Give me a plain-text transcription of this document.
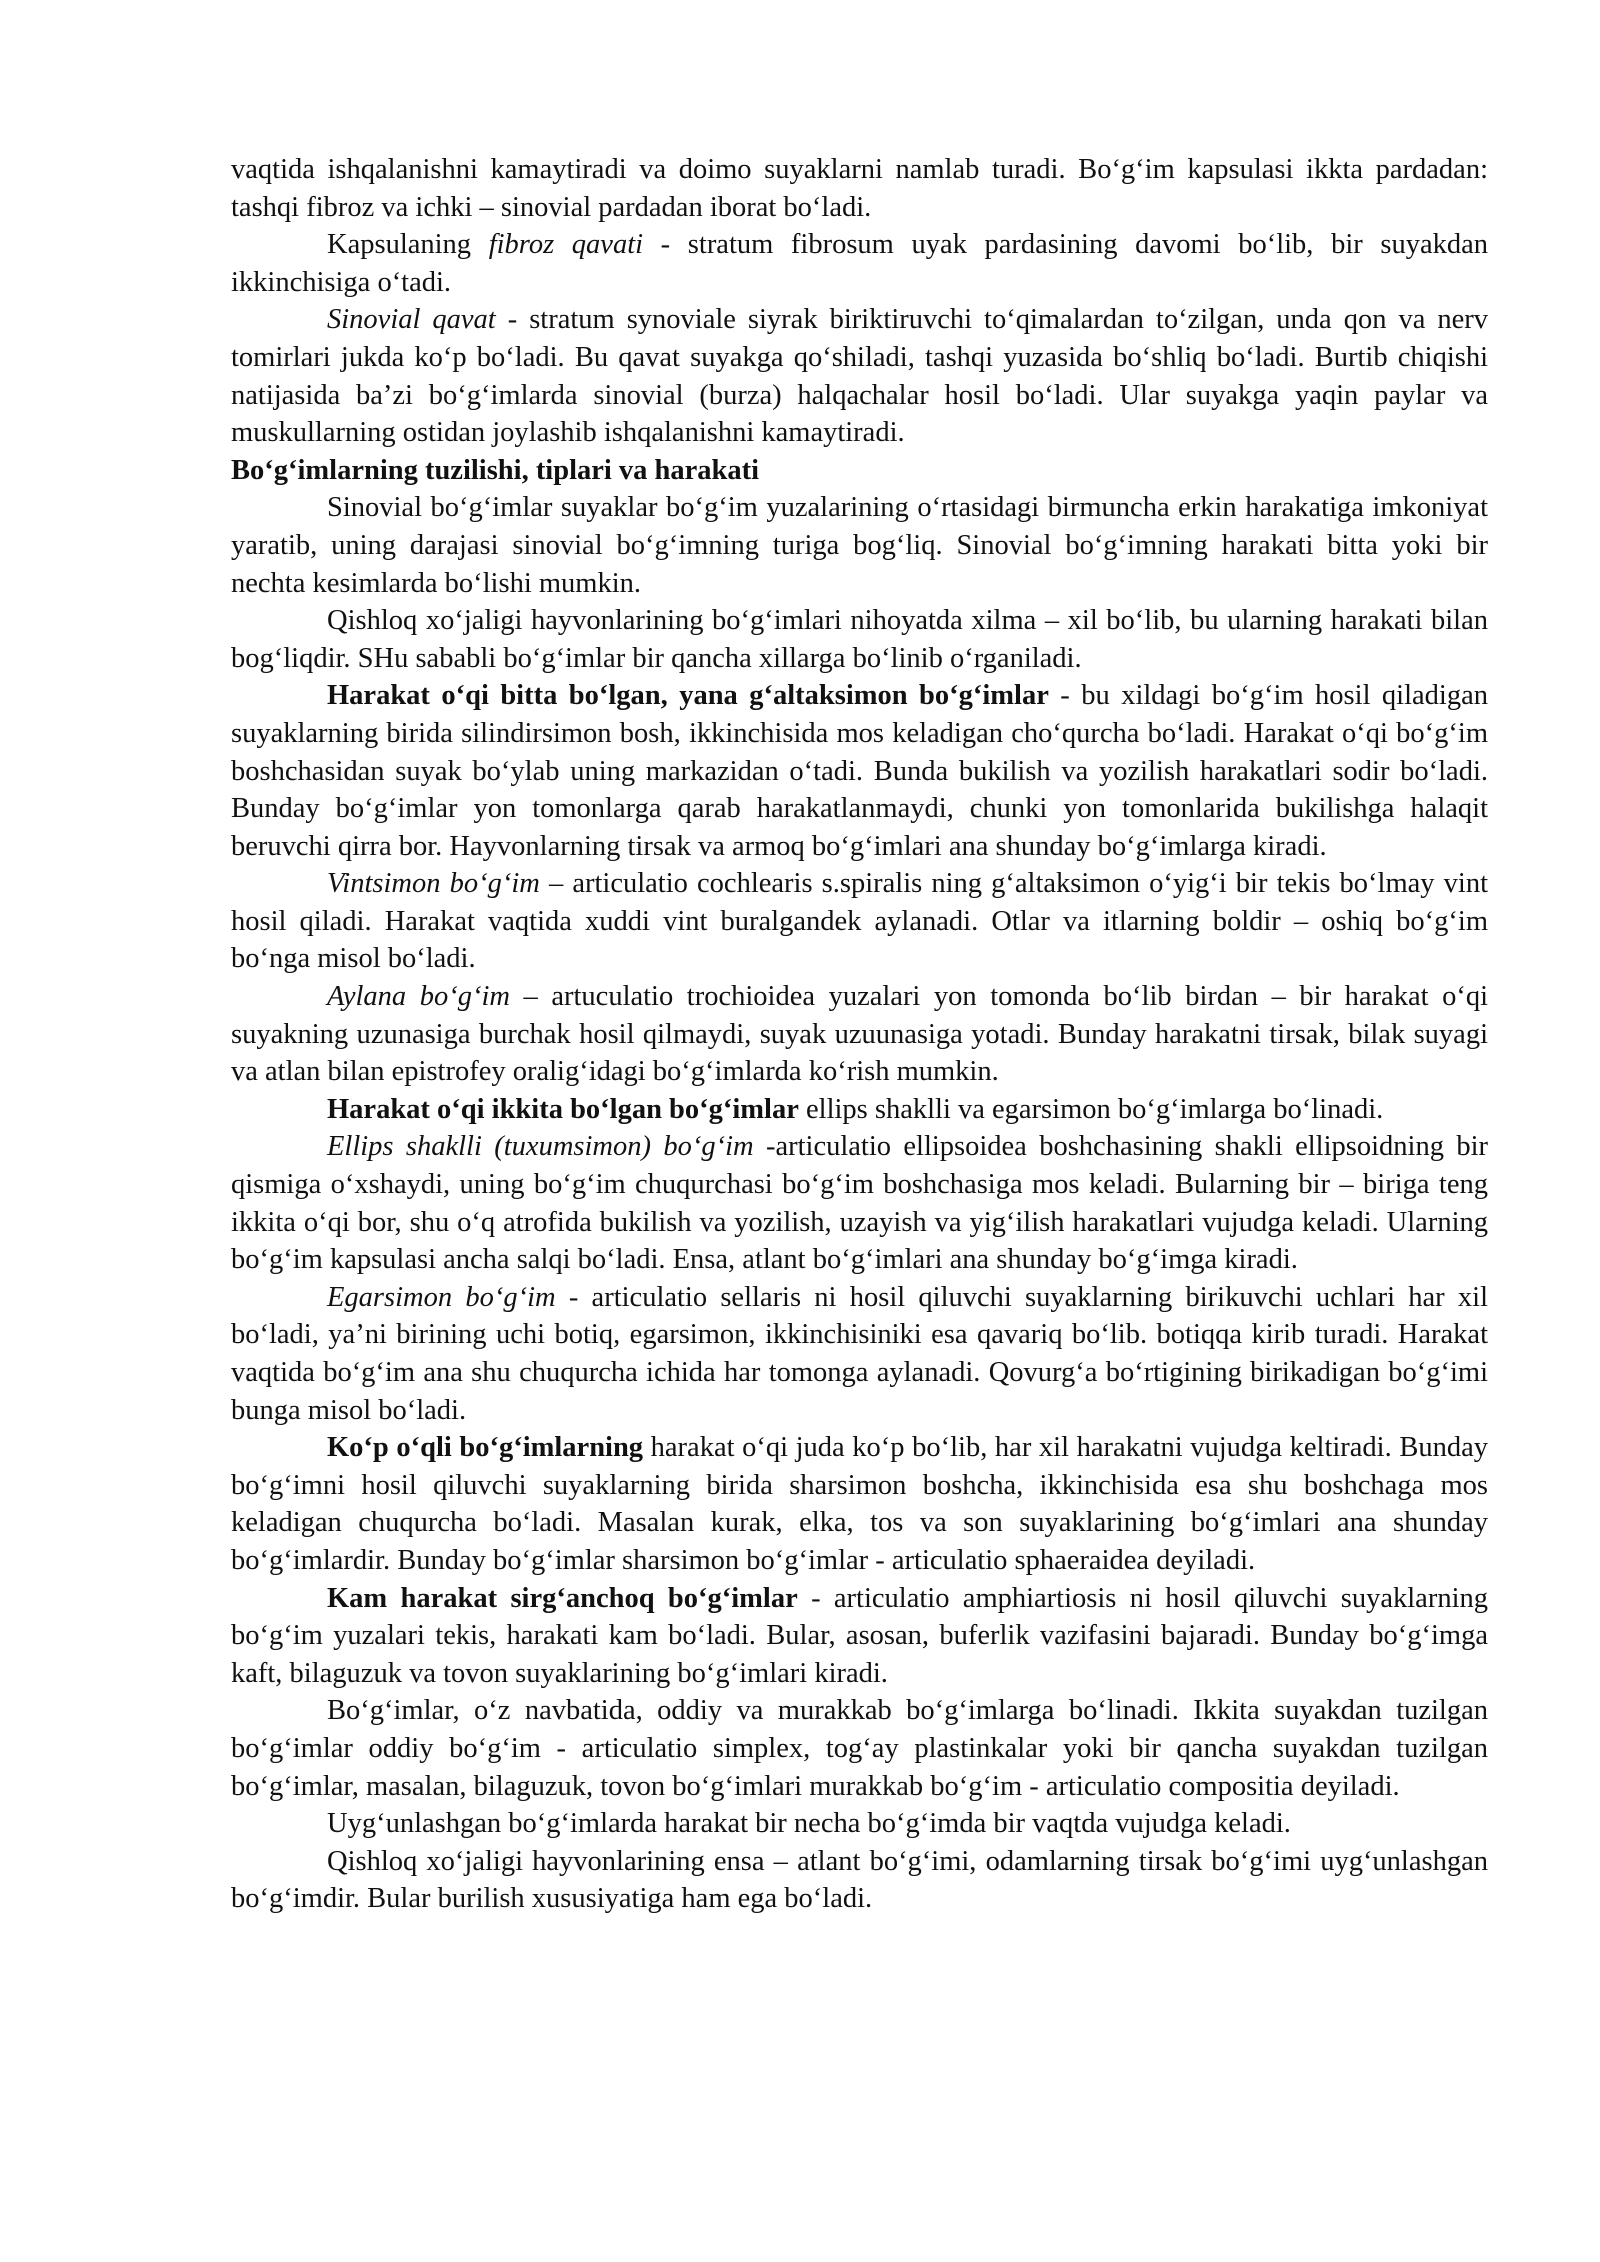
vaqtida ishqalanishni kamaytiradi va doimo suyaklarni namlab turadi. Bo‘g‘im kapsulasi ikkta pardadan: tashqi fibroz va ichki – sinovial pardadan iborat bo‘ladi.

Kapsulaning fibroz qavati - stratum fibrosum uyak pardasining davomi bo‘lib, bir suyakdan ikkinchisiga o‘tadi.

Sinovial qavat - stratum synoviale siyrak biriktiruvchi to‘qimalardan to‘zilgan, unda qon va nerv tomirlari jukda ko‘p bo‘ladi. Bu qavat suyakga qo‘shiladi, tashqi yuzasida bo‘shliq bo‘ladi. Burtib chiqishi natijasida ba’zi bo‘g‘imlarda sinovial (burza) halqachalar hosil bo‘ladi. Ular suyakga yaqin paylar va muskullarning ostidan joylashib ishqalanishni kamaytiradi.

Bo‘g‘imlarning tuzilishi, tiplari va harakati

Sinovial bo‘g‘imlar suyaklar bo‘g‘im yuzalarining o‘rtasidagi birmuncha erkin harakatiga imkoniyat yaratib, uning darajasi sinovial bo‘g‘imning turiga bog‘liq. Sinovial bo‘g‘imning harakati bitta yoki bir nechta kesimlarda bo‘lishi mumkin.

Qishloq xo‘jaligi hayvonlarining bo‘g‘imlari nihoyatda xilma – xil bo‘lib, bu ularning harakati bilan bog‘liqdir. SHu sababli bo‘g‘imlar bir qancha xillarga bo‘linib o‘rganiladi.

Harakat o‘qi bitta bo‘lgan, yana g‘altaksimon bo‘g‘imlar - bu xildagi bo‘g‘im hosil qiladigan suyaklarning birida silindirsimon bosh, ikkinchisida mos keladigan cho‘qurcha bo‘ladi. Harakat o‘qi bo‘g‘im boshchasidan suyak bo‘ylab uning markazidan o‘tadi. Bunda bukilish va yozilish harakatlari sodir bo‘ladi. Bunday bo‘g‘imlar yon tomonlarga qarab harakatlanmaydi, chunki yon tomonlarida bukilishga halaqit beruvchi qirra bor. Hayvonlarning tirsak va armoq bo‘g‘imlari ana shunday bo‘g‘imlarga kiradi.

Vintsimon bo‘g‘im – articulatio cochlearis s.spiralis ning g‘altaksimon o‘yig‘i bir tekis bo‘lmay vint hosil qiladi. Harakat vaqtida xuddi vint buralgandek aylanadi. Otlar va itlarning boldir – oshiq bo‘g‘im bo‘nga misol bo‘ladi.

Aylana bo‘g‘im – artuculatio trochioidea yuzalari yon tomonda bo‘lib birdan – bir harakat o‘qi suyakning uzunasiga burchak hosil qilmaydi, suyak uzuunasiga yotadi. Bunday harakatni tirsak, bilak suyagi va atlan bilan epistrofey oralig‘idagi bo‘g‘imlarda ko‘rish mumkin.

Harakat o‘qi ikkita bo‘lgan bo‘g‘imlar ellips shaklli va egarsimon bo‘g‘imlarga bo‘linadi.

Ellips shaklli (tuxumsimon) bo‘g‘im -articulatio ellipsoidea boshchasining shakli ellipsoidning bir qismiga o‘xshaydi, uning bo‘g‘im chuqurchasi bo‘g‘im boshchasiga mos keladi. Bularning bir – biriga teng ikkita o‘qi bor, shu o‘q atrofida bukilish va yozilish, uzayish va yig‘ilish harakatlari vujudga keladi. Ularning bo‘g‘im kapsulasi ancha salqi bo‘ladi. Ensa, atlant bo‘g‘imlari ana shunday bo‘g‘imga kiradi.

Egarsimon bo‘g‘im - articulatio sellaris ni hosil qiluvchi suyaklarning birikuvchi uchlari har xil bo‘ladi, ya’ni birining uchi botiq, egarsimon, ikkinchisiniki esa qavariq bo‘lib. botiqqa kirib turadi. Harakat vaqtida bo‘g‘im ana shu chuqurcha ichida har tomonga aylanadi. Qovurg‘a bo‘rtigining birikadigan bo‘g‘imi bunga misol bo‘ladi.

Ko‘p o‘qli bo‘g‘imlarning harakat o‘qi juda ko‘p bo‘lib, har xil harakatni vujudga keltiradi. Bunday bo‘g‘imni hosil qiluvchi suyaklarning birida sharsimon boshcha, ikkinchisida esa shu boshchaga mos keladigan chuqurcha bo‘ladi. Masalan kurak, elka, tos va son suyaklarining bo‘g‘imlari ana shunday bo‘g‘imlardir. Bunday bo‘g‘imlar sharsimon bo‘g‘imlar - articulatio sphaeraidea deyiladi.

Kam harakat sirg‘anchoq bo‘g‘imlar - articulatio amphiartiosis ni hosil qiluvchi suyaklarning bo‘g‘im yuzalari tekis, harakati kam bo‘ladi. Bular, asosan, buferlik vazifasini bajaradi. Bunday bo‘g‘imga kaft, bilaguzuk va tovon suyaklarining bo‘g‘imlari kiradi.

Bo‘g‘imlar, o‘z navbatida, oddiy va murakkab bo‘g‘imlarga bo‘linadi. Ikkita suyakdan tuzilgan bo‘g‘imlar oddiy bo‘g‘im - articulatio simplex, tog‘ay plastinkalar yoki bir qancha suyakdan tuzilgan bo‘g‘imlar, masalan, bilaguzuk, tovon bo‘g‘imlari murakkab bo‘g‘im - articulatio compositia deyiladi.

Uyg‘unlashgan bo‘g‘imlarda harakat bir necha bo‘g‘imda bir vaqtda vujudga keladi.

Qishloq xo‘jaligi hayvonlarining ensa – atlant bo‘g‘imi, odamlarning tirsak bo‘g‘imi uyg‘unlashgan bo‘g‘imdir. Bular burilish xususiyatiga ham ega bo‘ladi.
